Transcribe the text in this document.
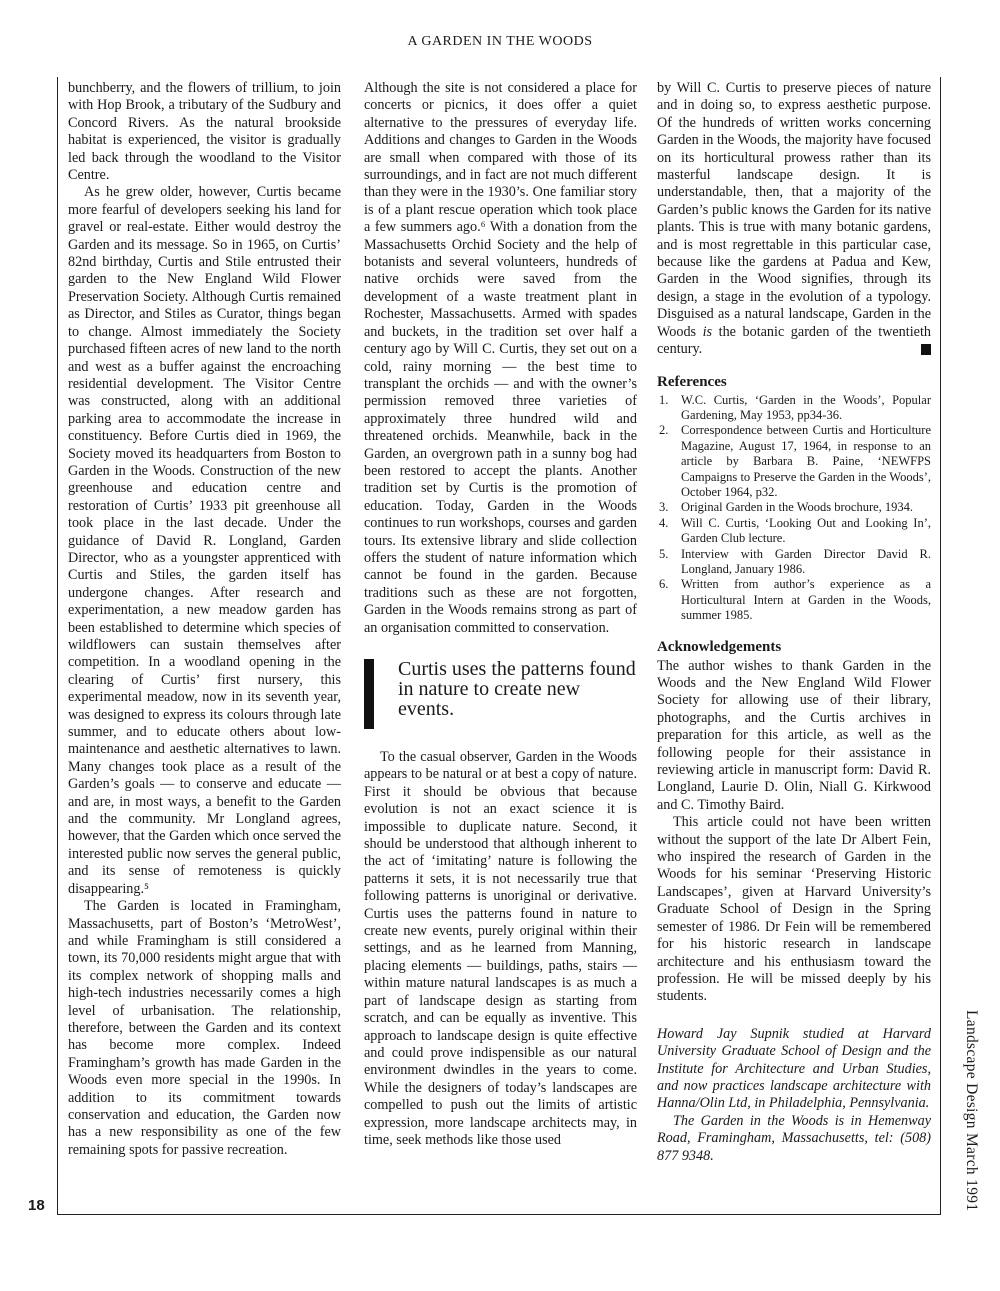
A GARDEN IN THE WOODS
18	Landscape Design March 1991

bunchberry, and the flowers of trillium, to join with Hop Brook, a tributary of the Sudbury and Concord Rivers. As the natural brookside habitat is experienced, the visitor is gradually led back through the woodland to the Visitor Centre.

As he grew older, however, Curtis became more fearful of developers seeking his land for gravel or real-estate. Either would destroy the Garden and its message. So in 1965, on Curtis’ 82nd birthday, Curtis and Stile entrusted their garden to the New England Wild Flower Preservation Society. Although Curtis remained as Director, and Stiles as Curator, things began to change. Almost immediately the Society purchased fifteen acres of new land to the north and west as a buffer against the encroaching residential development. The Visitor Centre was constructed, along with an additional parking area to accommodate the increase in constituency. Before Curtis died in 1969, the Society moved its headquarters from Boston to Garden in the Woods. Construction of the new greenhouse and education centre and restoration of Curtis’ 1933 pit greenhouse all took place in the last decade. Under the guidance of David R. Longland, Garden Director, who as a youngster apprenticed with Curtis and Stiles, the garden itself has undergone changes. After research and experimentation, a new meadow garden has been established to determine which species of wildflowers can sustain themselves after competition. In a woodland opening in the clearing of Curtis’ first nursery, this experimental meadow, now in its seventh year, was designed to express its colours through late summer, and to educate others about low-maintenance and aesthetic alternatives to lawn. Many changes took place as a result of the Garden’s goals — to conserve and educate — and are, in most ways, a benefit to the Garden and the community. Mr Longland agrees, however, that the Garden which once served the interested public now serves the general public, and its sense of remoteness is quickly disappearing.⁵

The Garden is located in Framingham, Massachusetts, part of Boston’s ‘MetroWest’, and while Framingham is still considered a town, its 70,000 residents might argue that with its complex network of shopping malls and high-tech industries necessarily comes a high level of urbanisation. The relationship, therefore, between the Garden and its context has become more complex. Indeed Framingham’s growth has made Garden in the Woods even more special in the 1990s. In addition to its commitment towards conservation and education, the Garden now has a new responsibility as one of the few remaining spots for passive recreation.

Although the site is not considered a place for concerts or picnics, it does offer a quiet alternative to the pressures of everyday life. Additions and changes to Garden in the Woods are small when compared with those of its surroundings, and in fact are not much different than they were in the 1930’s. One familiar story is of a plant rescue operation which took place a few summers ago.⁶ With a donation from the Massachusetts Orchid Society and the help of botanists and several volunteers, hundreds of native orchids were saved from the development of a waste treatment plant in Rochester, Massachusetts. Armed with spades and buckets, in the tradition set over half a century ago by Will C. Curtis, they set out on a cold, rainy morning — the best time to transplant the orchids — and with the owner’s permission removed three varieties of approximately three hundred wild and threatened orchids. Meanwhile, back in the Garden, an overgrown path in a sunny bog had been restored to accept the plants. Another tradition set by Curtis is the promotion of education. Today, Garden in the Woods continues to run workshops, courses and garden tours. Its extensive library and slide collection offers the student of nature information which cannot be found in the garden. Because traditions such as these are not forgotten, Garden in the Woods remains strong as part of an organisation committed to conservation.

Curtis uses the patterns found in nature to create new events.

To the casual observer, Garden in the Woods appears to be natural or at best a copy of nature. First it should be obvious that because evolution is not an exact science it is impossible to duplicate nature. Second, it should be understood that although inherent to the act of ‘imitating’ nature is following the patterns it sets, it is not necessarily true that following patterns is unoriginal or derivative. Curtis uses the patterns found in nature to create new events, purely original within their settings, and as he learned from Manning, placing elements — buildings, paths, stairs — within mature natural landscapes is as much a part of landscape design as starting from scratch, and can be equally as inventive. This approach to landscape design is quite effective and could prove indispensible as our natural environment dwindles in the years to come. While the designers of today’s landscapes are compelled to push out the limits of artistic expression, more landscape architects may, in time, seek methods like those used

by Will C. Curtis to preserve pieces of nature and in doing so, to express aesthetic purpose. Of the hundreds of written works concerning Garden in the Woods, the majority have focused on its horticultural prowess rather than its masterful landscape design. It is understandable, then, that a majority of the Garden’s public knows the Garden for its native plants. This is true with many botanic gardens, and is most regrettable in this particular case, because like the gardens at Padua and Kew, Garden in the Wood signifies, through its design, a stage in the evolution of a typology. Disguised as a natural landscape, Garden in the Woods is the botanic garden of the twentieth century.

References
1.	W.C. Curtis, ‘Garden in the Woods’, Popular Gardening, May 1953, pp34-36.
2.	Correspondence between Curtis and Horticulture Magazine, August 17, 1964, in response to an article by Barbara B. Paine, ‘NEWFPS Campaigns to Preserve the Garden in the Woods’, October 1964, p32.
3.	Original Garden in the Woods brochure, 1934.
4.	Will C. Curtis, ‘Looking Out and Looking In’, Garden Club lecture.
5.	Interview with Garden Director David R. Longland, January 1986.
6.	Written from author’s experience as a Horticultural Intern at Garden in the Woods, summer 1985.
Acknowledgements

The author wishes to thank Garden in the Woods and the New England Wild Flower Society for allowing use of their library, photographs, and the Curtis archives in preparation for this article, as well as the following people for their assistance in reviewing article in manuscript form: David R. Longland, Laurie D. Olin, Niall G. Kirkwood and C. Timothy Baird.

This article could not have been written without the support of the late Dr Albert Fein, who inspired the research of Garden in the Woods for his seminar ‘Preserving Historic Landscapes’, given at Harvard University’s Graduate School of Design in the Spring semester of 1986. Dr Fein will be remembered for his historic research in landscape architecture and his enthusiasm toward the profession. He will be missed deeply by his students.

Howard Jay Supnik studied at Harvard University Graduate School of Design and the Institute for Architecture and Urban Studies, and now practices landscape architecture with Hanna/Olin Ltd, in Philadelphia, Pennsylvania.

The Garden in the Woods is in Hemenway Road, Framingham, Massachusetts, tel: (508) 877 9348.
